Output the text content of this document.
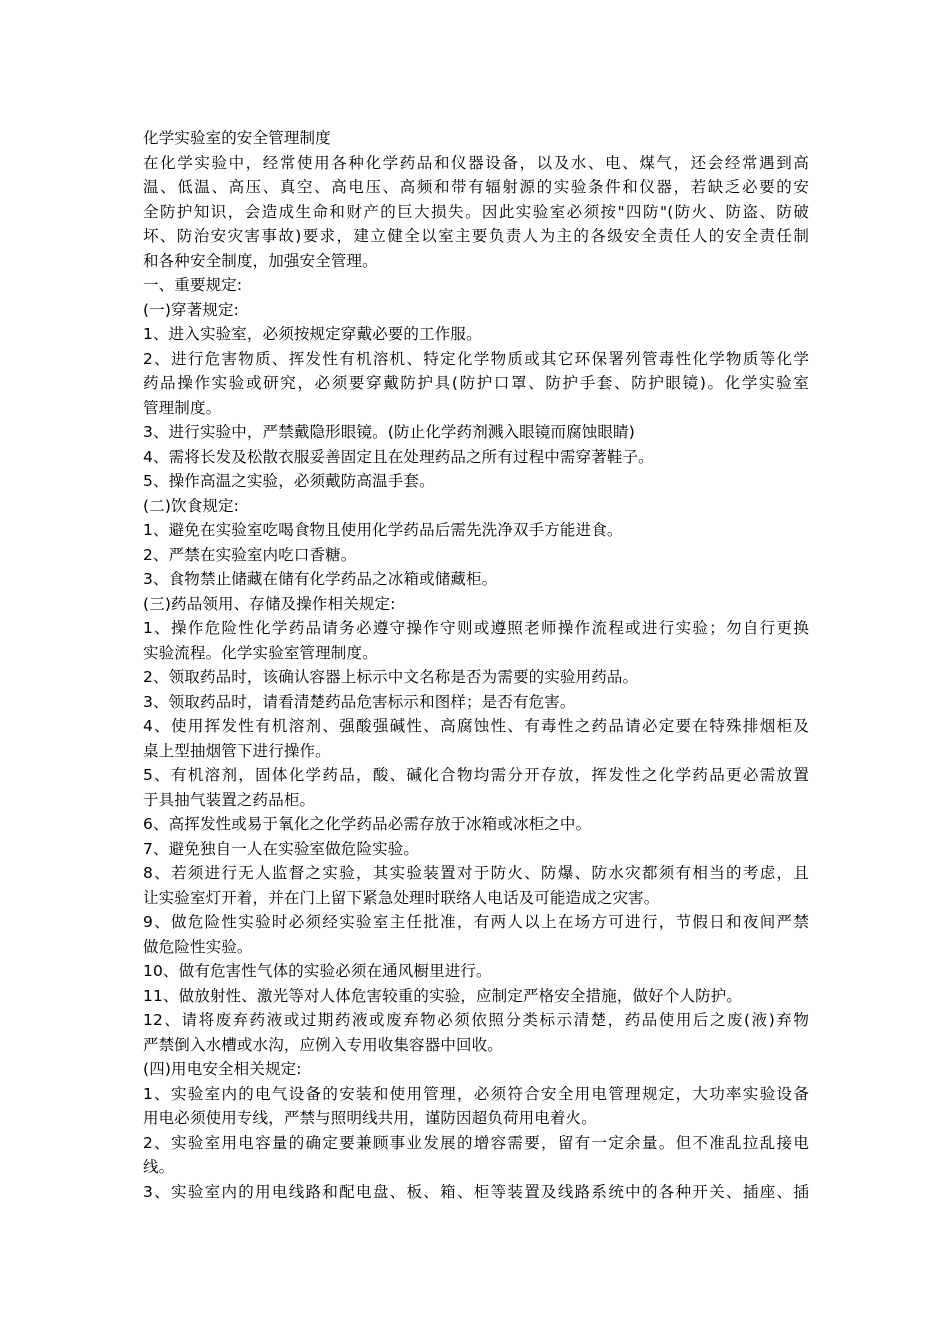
化学实验室的安全管理制度

在化学实验中，经常使用各种化学药品和仪器设备，以及水、电、煤气，还会经常遇到高

温、低温、高压、真空、高电压、高频和带有辐射源的实验条件和仪器，若缺乏必要的安

全防护知识，会造成生命和财产的巨大损失。因此实验室必须按"四防"(防火、防盗、防破

坏、防治安灾害事故)要求，建立健全以室主要负责人为主的各级安全责任人的安全责任制

和各种安全制度，加强安全管理。

一、重要规定:

(一)穿著规定:

1、进入实验室，必须按规定穿戴必要的工作服。

2、进行危害物质、挥发性有机溶机、特定化学物质或其它环保署列管毒性化学物质等化学

药品操作实验或研究，必须要穿戴防护具(防护口罩、防护手套、防护眼镜)。化学实验室

管理制度。

3、进行实验中，严禁戴隐形眼镜。(防止化学药剂溅入眼镜而腐蚀眼睛)

4、需将长发及松散衣服妥善固定且在处理药品之所有过程中需穿著鞋子。

5、操作高温之实验，必须戴防高温手套。

(二)饮食规定:

1、避免在实验室吃喝食物且使用化学药品后需先洗净双手方能进食。

2、严禁在实验室内吃口香糖。

3、食物禁止储藏在储有化学药品之冰箱或储藏柜。

(三)药品领用、存储及操作相关规定:

1、操作危险性化学药品请务必遵守操作守则或遵照老师操作流程或进行实验；勿自行更换

实验流程。化学实验室管理制度。

2、领取药品时，该确认容器上标示中文名称是否为需要的实验用药品。

3、领取药品时，请看清楚药品危害标示和图样；是否有危害。

4、使用挥发性有机溶剂、强酸强碱性、高腐蚀性、有毒性之药品请必定要在特殊排烟柜及

桌上型抽烟管下进行操作。

5、有机溶剂，固体化学药品，酸、碱化合物均需分开存放，挥发性之化学药品更必需放置

于具抽气装置之药品柜。

6、高挥发性或易于氧化之化学药品必需存放于冰箱或冰柜之中。

7、避免独自一人在实验室做危险实验。

8、若须进行无人监督之实验，其实验装置对于防火、防爆、防水灾都须有相当的考虑，且

让实验室灯开着，并在门上留下紧急处理时联络人电话及可能造成之灾害。

9、做危险性实验时必须经实验室主任批准，有两人以上在场方可进行，节假日和夜间严禁

做危险性实验。

10、做有危害性气体的实验必须在通风橱里进行。

11、做放射性、激光等对人体危害较重的实验，应制定严格安全措施，做好个人防护。

12、请将废弃药液或过期药液或废弃物必须依照分类标示清楚，药品使用后之废(液)弃物

严禁倒入水槽或水沟，应例入专用收集容器中回收。

(四)用电安全相关规定:

1、实验室内的电气设备的安装和使用管理，必须符合安全用电管理规定，大功率实验设备

用电必须使用专线，严禁与照明线共用，谨防因超负荷用电着火。

2、实验室用电容量的确定要兼顾事业发展的增容需要，留有一定余量。但不准乱拉乱接电

线。

3、实验室内的用电线路和配电盘、板、箱、柜等装置及线路系统中的各种开关、插座、插
